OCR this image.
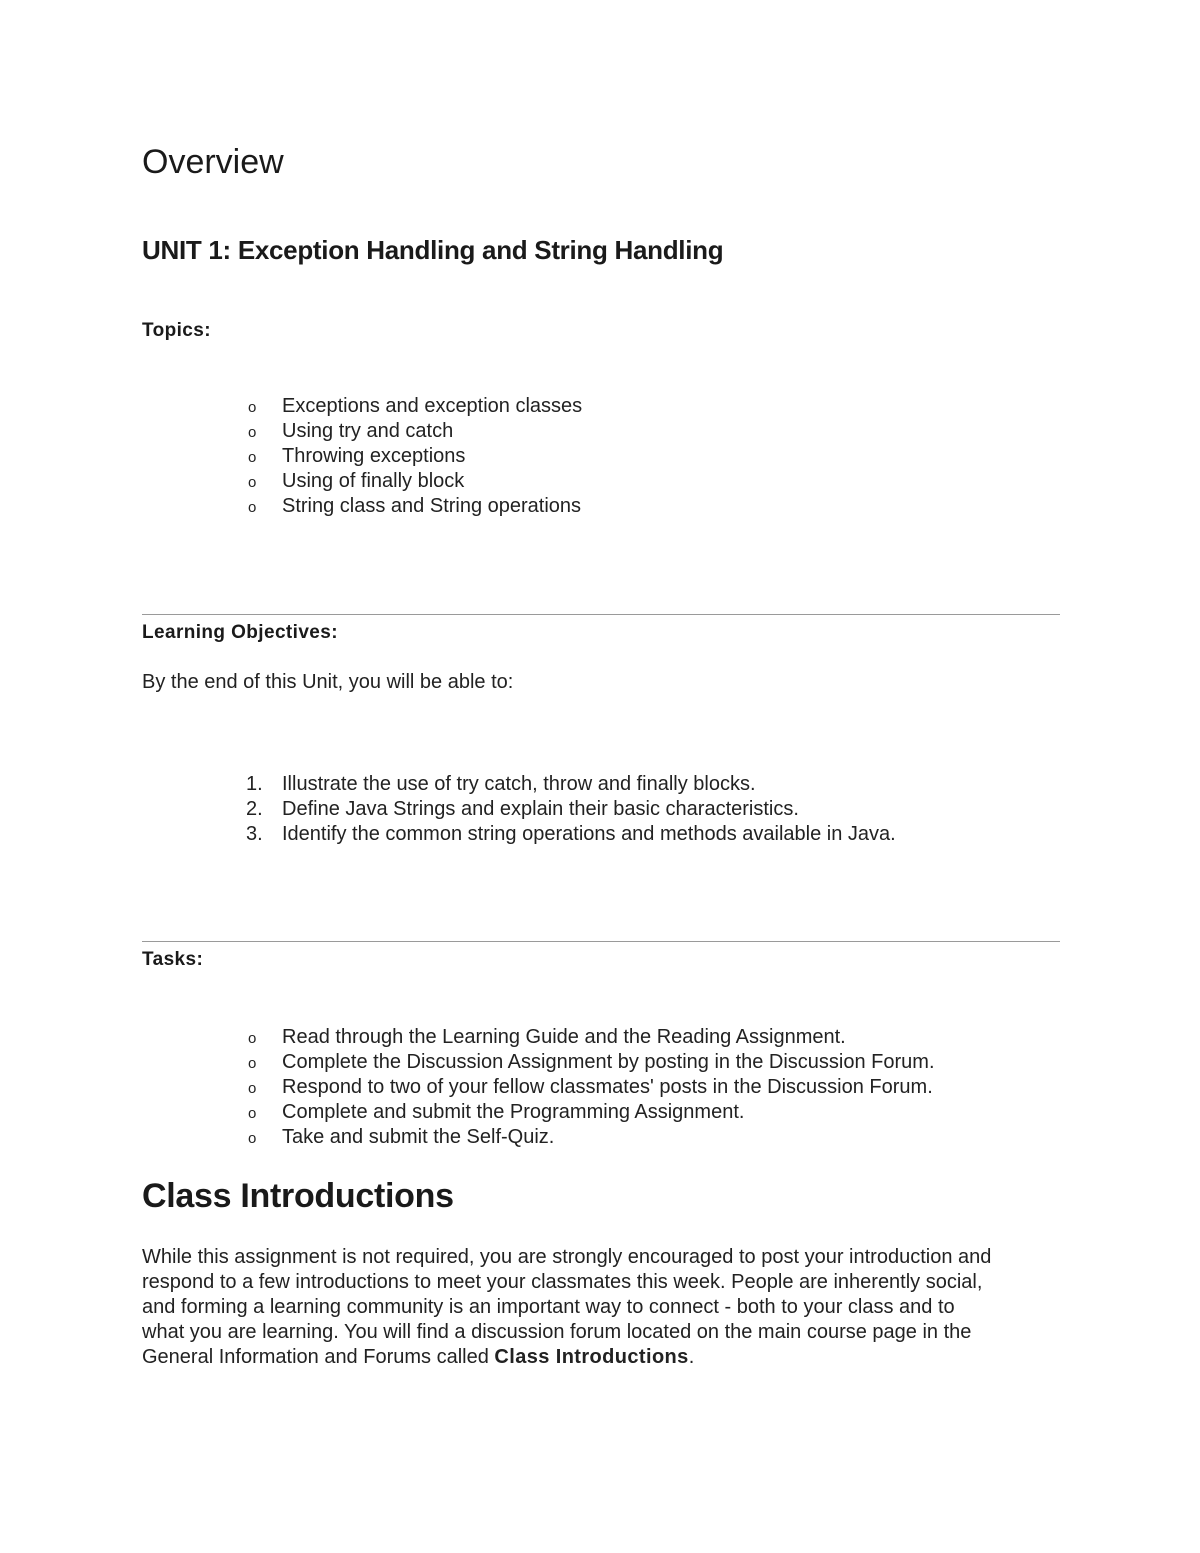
Overview
UNIT 1: Exception Handling and String Handling

Topics:

o Exceptions and exception classes
o Using try and catch
o Throwing exceptions
o Using of finally block
o String class and String operations

Learning Objectives:

By the end of this Unit, you will be able to:

1. Illustrate the use of try catch, throw and finally blocks.
2. Define Java Strings and explain their basic characteristics.
3. Identify the common string operations and methods available in Java.

Tasks:

o Read through the Learning Guide and the Reading Assignment.
o Complete the Discussion Assignment by posting in the Discussion Forum.
o Respond to two of your fellow classmates' posts in the Discussion Forum.
o Complete and submit the Programming Assignment.
o Take and submit the Self-Quiz.
Class Introductions

While this assignment is not required, you are strongly encouraged to post your introduction and
respond to a few introductions to meet your classmates this week. People are inherently social,
and forming a learning community is an important way to connect - both to your class and to
what you are learning. You will find a discussion forum located on the main course page in the
General Information and Forums called Class Introductions.
